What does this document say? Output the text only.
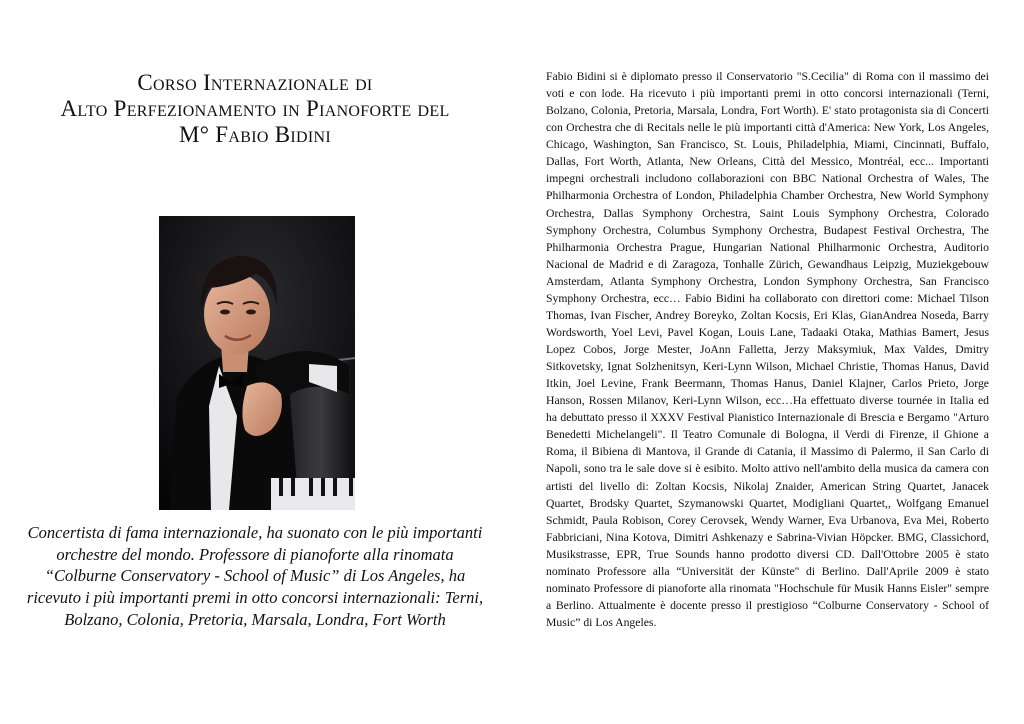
Corso Internazionale di
Alto Perfezionamento in Pianoforte del
M° Fabio Bidini
Concertista di fama internazionale, ha suonato con le più importanti orchestre del mondo. Professore di pianoforte alla rinomata “Colburne Conservatory - School of Music” di Los Angeles, ha ricevuto i più importanti premi in otto concorsi internazionali: Terni, Bolzano, Colonia, Pretoria, Marsala, Londra, Fort Worth
Fabio Bidini si è diplomato presso il Conservatorio "S.Cecilia" di Roma con il massimo dei voti e con lode. Ha ricevuto i più importanti premi in otto concorsi internazionali (Terni, Bolzano, Colonia, Pretoria, Marsala, Londra, Fort Worth). E' stato protagonista sia di Concerti con Orchestra che di Recitals nelle le più importanti città d'America: New York, Los Angeles, Chicago, Washington, San Francisco, St. Louis, Philadelphia, Miami, Cincinnati, Buffalo, Dallas, Fort Worth, Atlanta, New Orleans, Città del Messico, Montréal, ecc... Importanti impegni orchestrali includono collaborazioni con BBC National Orchestra of Wales, The Philharmonia Orchestra of London, Philadelphia Chamber Orchestra, New World Symphony Orchestra, Dallas Symphony Orchestra, Saint Louis Symphony Orchestra, Colorado Symphony Orchestra, Columbus Symphony Orchestra, Budapest Festival Orchestra, The Philharmonia Orchestra Prague, Hungarian National Philharmonic Orchestra, Auditorio Nacional de Madrid e di Zaragoza, Tonhalle Zürich, Gewandhaus Leipzig, Muziekgebouw Amsterdam, Atlanta Symphony Orchestra, London Symphony Orchestra, San Francisco Symphony Orchestra, ecc… Fabio Bidini ha collaborato con direttori come: Michael Tilson Thomas, Ivan Fischer, Andrey Boreyko, Zoltan Kocsis, Eri Klas, GianAndrea Noseda, Barry Wordsworth, Yoel Levi, Pavel Kogan, Louis Lane, Tadaaki Otaka, Mathias Bamert, Jesus Lopez Cobos, Jorge Mester, JoAnn Falletta, Jerzy Maksymiuk, Max Valdes, Dmitry Sitkovetsky, Ignat Solzhenitsyn, Keri-Lynn Wilson, Michael Christie, Thomas Hanus, David Itkin, Joel Levine, Frank Beermann, Thomas Hanus, Daniel Klajner, Carlos Prieto, Jorge Hanson, Rossen Milanov, Keri-Lynn Wilson, ecc…Ha effettuato diverse tournée in Italia ed ha debuttato presso il XXXV Festival Pianistico Internazionale di Brescia e Bergamo "Arturo Benedetti Michelangeli". Il Teatro Comunale di Bologna, il Verdi di Firenze, il Ghione a Roma, il Bibiena di Mantova, il Grande di Catania, il Massimo di Palermo, il San Carlo di Napoli, sono tra le sale dove si è esibito. Molto attivo nell'ambito della musica da camera con artisti del livello di: Zoltan Kocsis, Nikolaj Znaider, American String Quartet, Janacek Quartet, Brodsky Quartet, Szymanowski Quartet, Modigliani Quartet,, Wolfgang Emanuel Schmidt, Paula Robison, Corey Cerovsek, Wendy Warner, Eva Urbanova, Eva Mei, Roberto Fabbriciani, Nina Kotova, Dimitri Ashkenazy e Sabrina-Vivian Höpcker. BMG, Classichord, Musikstrasse, EPR, True Sounds hanno prodotto diversi CD. Dall'Ottobre 2005 è stato nominato Professore alla “Universität der Künste" di Berlino. Dall'Aprile 2009 è stato nominato Professore di pianoforte alla rinomata "Hochschule für Musik Hanns Eisler" sempre a Berlino. Attualmente è docente presso il prestigioso “Colburne Conservatory - School of Music” di Los Angeles.
